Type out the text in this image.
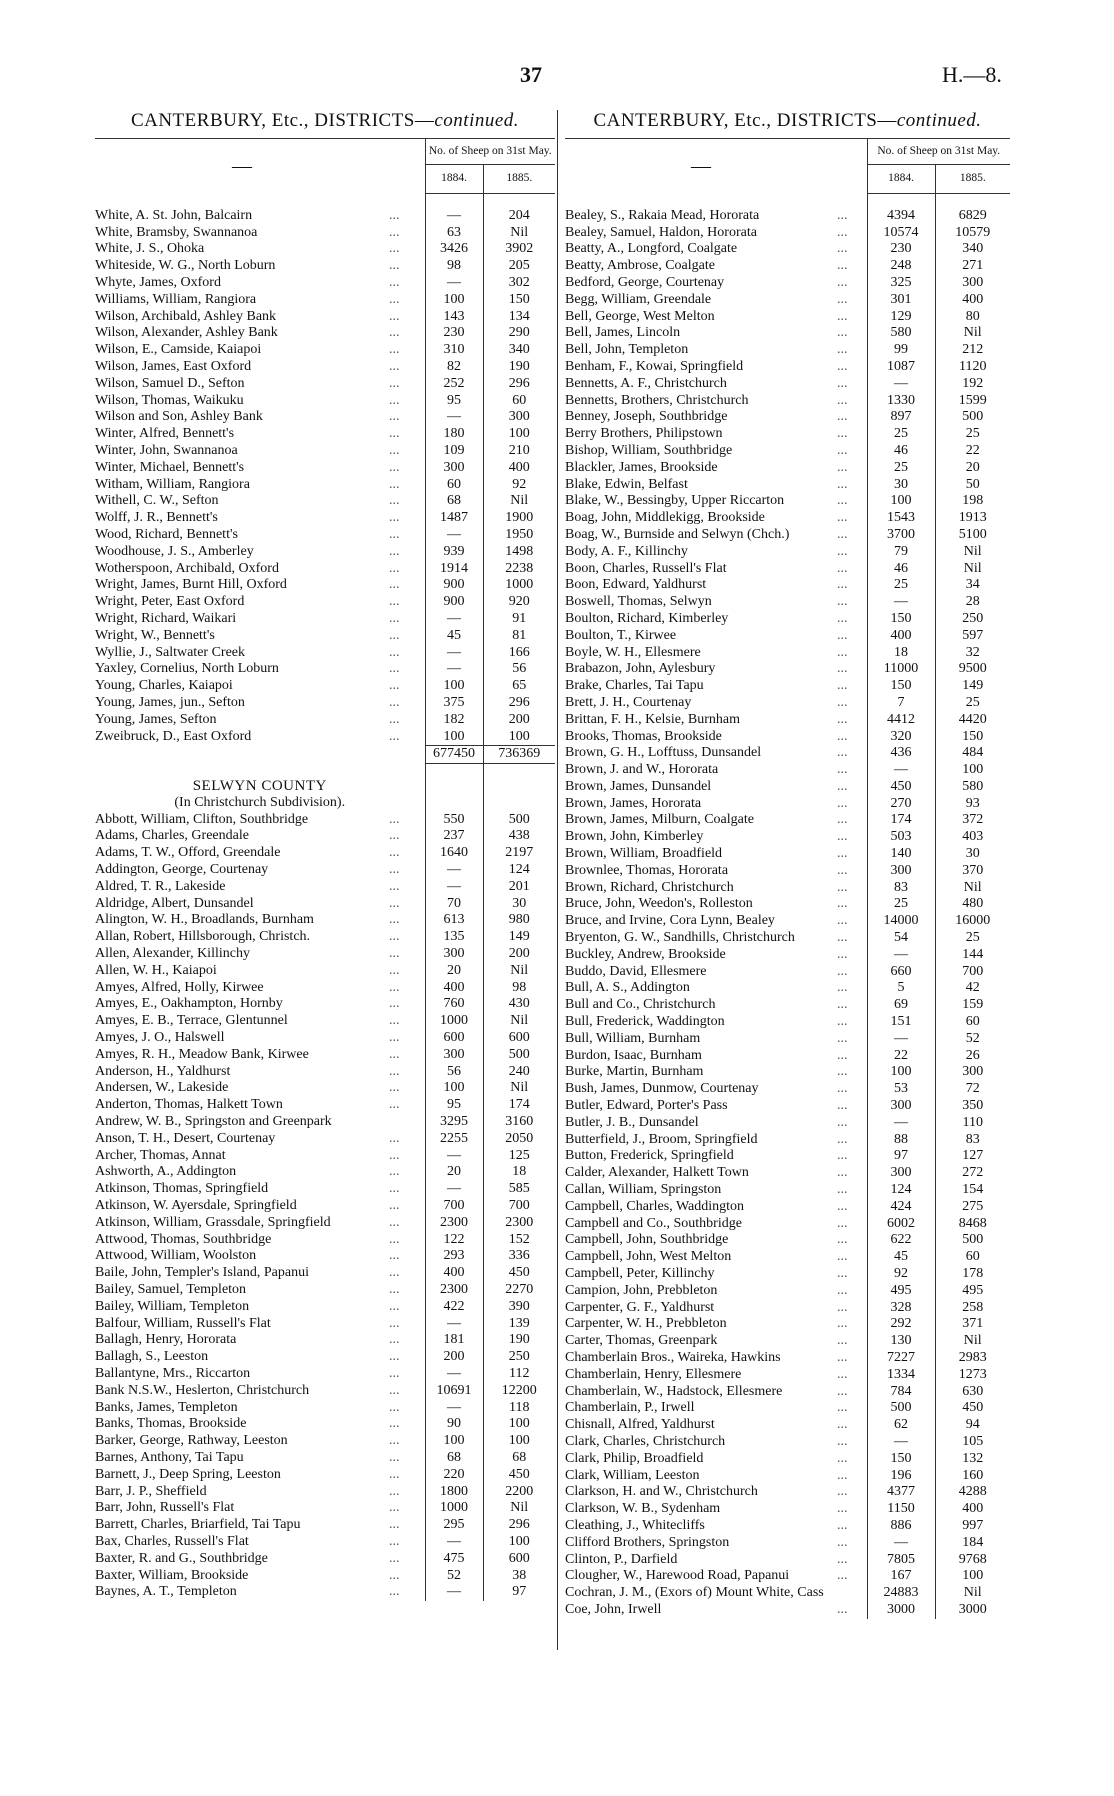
37	H.—8.
CANTERBURY, Etc., DISTRICTS—continued.
—		No. of Sheep on 31st May.	
		1884.	1885.

White, A. St. John, Balcairn	...	—	204
White, Bramsby, Swannanoa	...	63	Nil
White, J. S., Ohoka	...	3426	3902
Whiteside, W. G., North Loburn	...	98	205
Whyte, James, Oxford	...	—	302
Williams, William, Rangiora	...	100	150
Wilson, Archibald, Ashley Bank	...	143	134
Wilson, Alexander, Ashley Bank	...	230	290
Wilson, E., Camside, Kaiapoi	...	310	340
Wilson, James, East Oxford	...	82	190
Wilson, Samuel D., Sefton	...	252	296
Wilson, Thomas, Waikuku	...	95	60
Wilson and Son, Ashley Bank	...	—	300
Winter, Alfred, Bennett's	...	180	100
Winter, John, Swannanoa	...	109	210
Winter, Michael, Bennett's	...	300	400
Witham, William, Rangiora	...	60	92
Withell, C. W., Sefton	...	68	Nil
Wolff, J. R., Bennett's	...	1487	1900
Wood, Richard, Bennett's	...	—	1950
Woodhouse, J. S., Amberley	...	939	1498
Wotherspoon, Archibald, Oxford	...	1914	2238
Wright, James, Burnt Hill, Oxford	...	900	1000
Wright, Peter, East Oxford	...	900	920
Wright, Richard, Waikari	...	—	91
Wright, W., Bennett's	...	45	81
Wyllie, J., Saltwater Creek	...	—	166
Yaxley, Cornelius, North Loburn	...	—	56
Young, Charles, Kaiapoi	...	100	65
Young, James, jun., Sefton	...	375	296
Young, James, Sefton	...	182	200
Zweibruck, D., East Oxford	...	100	100
		677450	736369

SELWYN COUNTY			
(In Christchurch Subdivision).			
Abbott, William, Clifton, Southbridge	...	550	500
Adams, Charles, Greendale	...	237	438
Adams, T. W., Offord, Greendale	...	1640	2197
Addington, George, Courtenay	...	—	124
Aldred, T. R., Lakeside	...	—	201
Aldridge, Albert, Dunsandel	...	70	30
Alington, W. H., Broadlands, Burnham	...	613	980
Allan, Robert, Hillsborough, Christch.	...	135	149
Allen, Alexander, Killinchy	...	300	200
Allen, W. H., Kaiapoi	...	20	Nil
Amyes, Alfred, Holly, Kirwee	...	400	98
Amyes, E., Oakhampton, Hornby	...	760	430
Amyes, E. B., Terrace, Glentunnel	...	1000	Nil
Amyes, J. O., Halswell	...	600	600
Amyes, R. H., Meadow Bank, Kirwee	...	300	500
Anderson, H., Yaldhurst	...	56	240
Andersen, W., Lakeside	...	100	Nil
Anderton, Thomas, Halkett Town	...	95	174
Andrew, W. B., Springston and Greenpark		3295	3160
Anson, T. H., Desert, Courtenay	...	2255	2050
Archer, Thomas, Annat	...	—	125
Ashworth, A., Addington	...	20	18
Atkinson, Thomas, Springfield	...	—	585
Atkinson, W. Ayersdale, Springfield	...	700	700
Atkinson, William, Grassdale, Springfield	...	2300	2300
Attwood, Thomas, Southbridge	...	122	152
Attwood, William, Woolston	...	293	336
Baile, John, Templer's Island, Papanui	...	400	450
Bailey, Samuel, Templeton	...	2300	2270
Bailey, William, Templeton	...	422	390
Balfour, William, Russell's Flat	...	—	139
Ballagh, Henry, Hororata	...	181	190
Ballagh, S., Leeston	...	200	250
Ballantyne, Mrs., Riccarton	...	—	112
Bank N.S.W., Heslerton, Christchurch	...	10691	12200
Banks, James, Templeton	...	—	118
Banks, Thomas, Brookside	...	90	100
Barker, George, Rathway, Leeston	...	100	100
Barnes, Anthony, Tai Tapu	...	68	68
Barnett, J., Deep Spring, Leeston	...	220	450
Barr, J. P., Sheffield	...	1800	2200
Barr, John, Russell's Flat	...	1000	Nil
Barrett, Charles, Briarfield, Tai Tapu	...	295	296
Bax, Charles, Russell's Flat	...	—	100
Baxter, R. and G., Southbridge	...	475	600
Baxter, William, Brookside	...	52	38
Baynes, A. T., Templeton	...	—	97
CANTERBURY, Etc., DISTRICTS—continued.
—		No. of Sheep on 31st May.	
		1884.	1885.

Bealey, S., Rakaia Mead, Hororata	...	4394	6829
Bealey, Samuel, Haldon, Hororata	...	10574	10579
Beatty, A., Longford, Coalgate	...	230	340
Beatty, Ambrose, Coalgate	...	248	271
Bedford, George, Courtenay	...	325	300
Begg, William, Greendale	...	301	400
Bell, George, West Melton	...	129	80
Bell, James, Lincoln	...	580	Nil
Bell, John, Templeton	...	99	212
Benham, F., Kowai, Springfield	...	1087	1120
Bennetts, A. F., Christchurch	...	—	192
Bennetts, Brothers, Christchurch	...	1330	1599
Benney, Joseph, Southbridge	...	897	500
Berry Brothers, Philipstown	...	25	25
Bishop, William, Southbridge	...	46	22
Blackler, James, Brookside	...	25	20
Blake, Edwin, Belfast	...	30	50
Blake, W., Bessingby, Upper Riccarton	...	100	198
Boag, John, Middlekigg, Brookside	...	1543	1913
Boag, W., Burnside and Selwyn (Chch.)	...	3700	5100
Body, A. F., Killinchy	...	79	Nil
Boon, Charles, Russell's Flat	...	46	Nil
Boon, Edward, Yaldhurst	...	25	34
Boswell, Thomas, Selwyn	...	—	28
Boulton, Richard, Kimberley	...	150	250
Boulton, T., Kirwee	...	400	597
Boyle, W. H., Ellesmere	...	18	32
Brabazon, John, Aylesbury	...	11000	9500
Brake, Charles, Tai Tapu	...	150	149
Brett, J. H., Courtenay	...	7	25
Brittan, F. H., Kelsie, Burnham	...	4412	4420
Brooks, Thomas, Brookside	...	320	150
Brown, G. H., Lofftuss, Dunsandel	...	436	484
Brown, J. and W., Hororata	...	—	100
Brown, James, Dunsandel	...	450	580
Brown, James, Hororata	...	270	93
Brown, James, Milburn, Coalgate	...	174	372
Brown, John, Kimberley	...	503	403
Brown, William, Broadfield	...	140	30
Brownlee, Thomas, Hororata	...	300	370
Brown, Richard, Christchurch	...	83	Nil
Bruce, John, Weedon's, Rolleston	...	25	480
Bruce, and Irvine, Cora Lynn, Bealey	...	14000	16000
Bryenton, G. W., Sandhills, Christchurch	...	54	25
Buckley, Andrew, Brookside	...	—	144
Buddo, David, Ellesmere	...	660	700
Bull, A. S., Addington	...	5	42
Bull and Co., Christchurch	...	69	159
Bull, Frederick, Waddington	...	151	60
Bull, William, Burnham	...	—	52
Burdon, Isaac, Burnham	...	22	26
Burke, Martin, Burnham	...	100	300
Bush, James, Dunmow, Courtenay	...	53	72
Butler, Edward, Porter's Pass	...	300	350
Butler, J. B., Dunsandel	...	—	110
Butterfield, J., Broom, Springfield	...	88	83
Button, Frederick, Springfield	...	97	127
Calder, Alexander, Halkett Town	...	300	272
Callan, William, Springston	...	124	154
Campbell, Charles, Waddington	...	424	275
Campbell and Co., Southbridge	...	6002	8468
Campbell, John, Southbridge	...	622	500
Campbell, John, West Melton	...	45	60
Campbell, Peter, Killinchy	...	92	178
Campion, John, Prebbleton	...	495	495
Carpenter, G. F., Yaldhurst	...	328	258
Carpenter, W. H., Prebbleton	...	292	371
Carter, Thomas, Greenpark	...	130	Nil
Chamberlain Bros., Waireka, Hawkins	...	7227	2983
Chamberlain, Henry, Ellesmere	...	1334	1273
Chamberlain, W., Hadstock, Ellesmere	...	784	630
Chamberlain, P., Irwell	...	500	450
Chisnall, Alfred, Yaldhurst	...	62	94
Clark, Charles, Christchurch	...	—	105
Clark, Philip, Broadfield	...	150	132
Clark, William, Leeston	...	196	160
Clarkson, H. and W., Christchurch	...	4377	4288
Clarkson, W. B., Sydenham	...	1150	400
Cleathing, J., Whitecliffs	...	886	997
Clifford Brothers, Springston	...	—	184
Clinton, P., Darfield	...	7805	9768
Clougher, W., Harewood Road, Papanui	...	167	100
Cochran, J. M., (Exors of) Mount White, Cass		24883	Nil
Coe, John, Irwell	...	3000	3000
